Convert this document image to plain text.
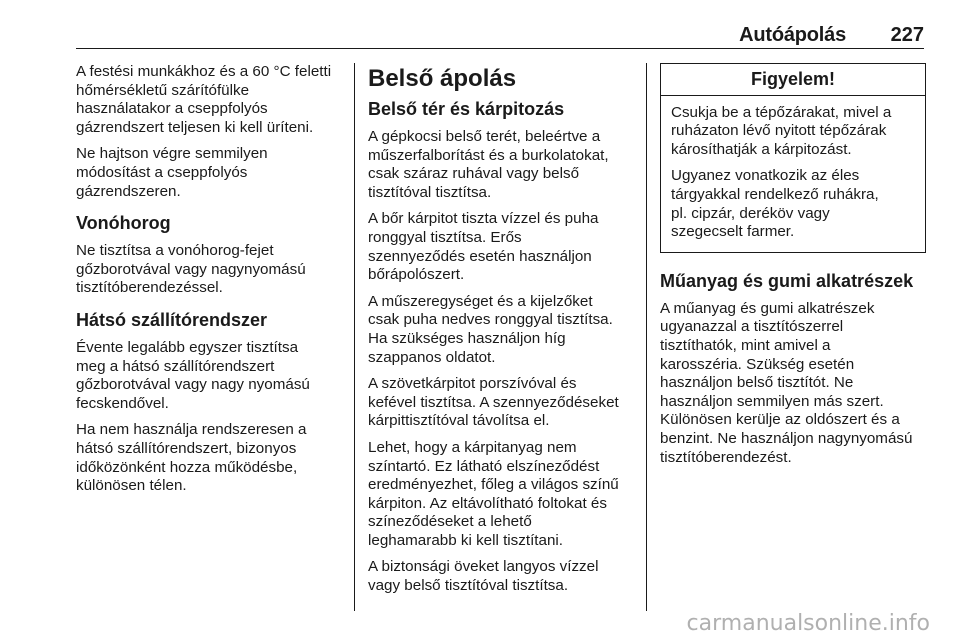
Autóápolás 227

A festési munkákhoz és a 60 °C feletti
hőmérsékletű szárítófülke
használatakor a cseppfolyós
gázrendszert teljesen ki kell üríteni.

Ne hajtson végre semmilyen
módosítást a cseppfolyós
gázrendszeren.

Vonóhorog

Ne tisztítsa a vonóhorog-fejet
gőzborotvával vagy nagynyomású
tisztítóberendezéssel.

Hátsó szállítórendszer

Évente legalább egyszer tisztítsa
meg a hátsó szállítórendszert
gőzborotvával vagy nagy nyomású
fecskendővel.

Ha nem használja rendszeresen a
hátsó szállítórendszert, bizonyos
időközönként hozza működésbe,
különösen télen.

Belső ápolás
Belső tér és kárpitozás

A gépkocsi belső terét, beleértve a
műszerfalborítást és a burkolatokat,
csak száraz ruhával vagy belső
tisztítóval tisztítsa.

A bőr kárpitot tiszta vízzel és puha
ronggyal tisztítsa. Erős
szennyeződés esetén használjon
bőrápolószert.

A műszeregységet és a kijelzőket
csak puha nedves ronggyal tisztítsa.
Ha szükséges használjon híg
szappanos oldatot.

A szövetkárpitot porszívóval és
kefével tisztítsa. A szennyeződéseket
kárpittisztítóval távolítsa el.

Lehet, hogy a kárpitanyag nem
színtartó. Ez látható elszíneződést
eredményezhet, főleg a világos színű
kárpiton. Az eltávolítható foltokat és
színeződéseket a lehető
leghamarabb ki kell tisztítani.

A biztonsági öveket langyos vízzel
vagy belső tisztítóval tisztítsa.

Figyelem!

Csukja be a tépőzárakat, mivel a
ruházaton lévő nyitott tépőzárak
károsíthatják a kárpitozást.

Ugyanez vonatkozik az éles
tárgyakkal rendelkező ruhákra,
pl. cipzár, deréköv vagy
szegecselt farmer.

Műanyag és gumi alkatrészek

A műanyag és gumi alkatrészek
ugyanazzal a tisztítószerrel
tisztíthatók, mint amivel a
karosszéria. Szükség esetén
használjon belső tisztítót. Ne
használjon semmilyen más szert.
Különösen kerülje az oldószert és a
benzint. Ne használjon nagynyomású
tisztítóberendezést.

carmanualsonline.info
